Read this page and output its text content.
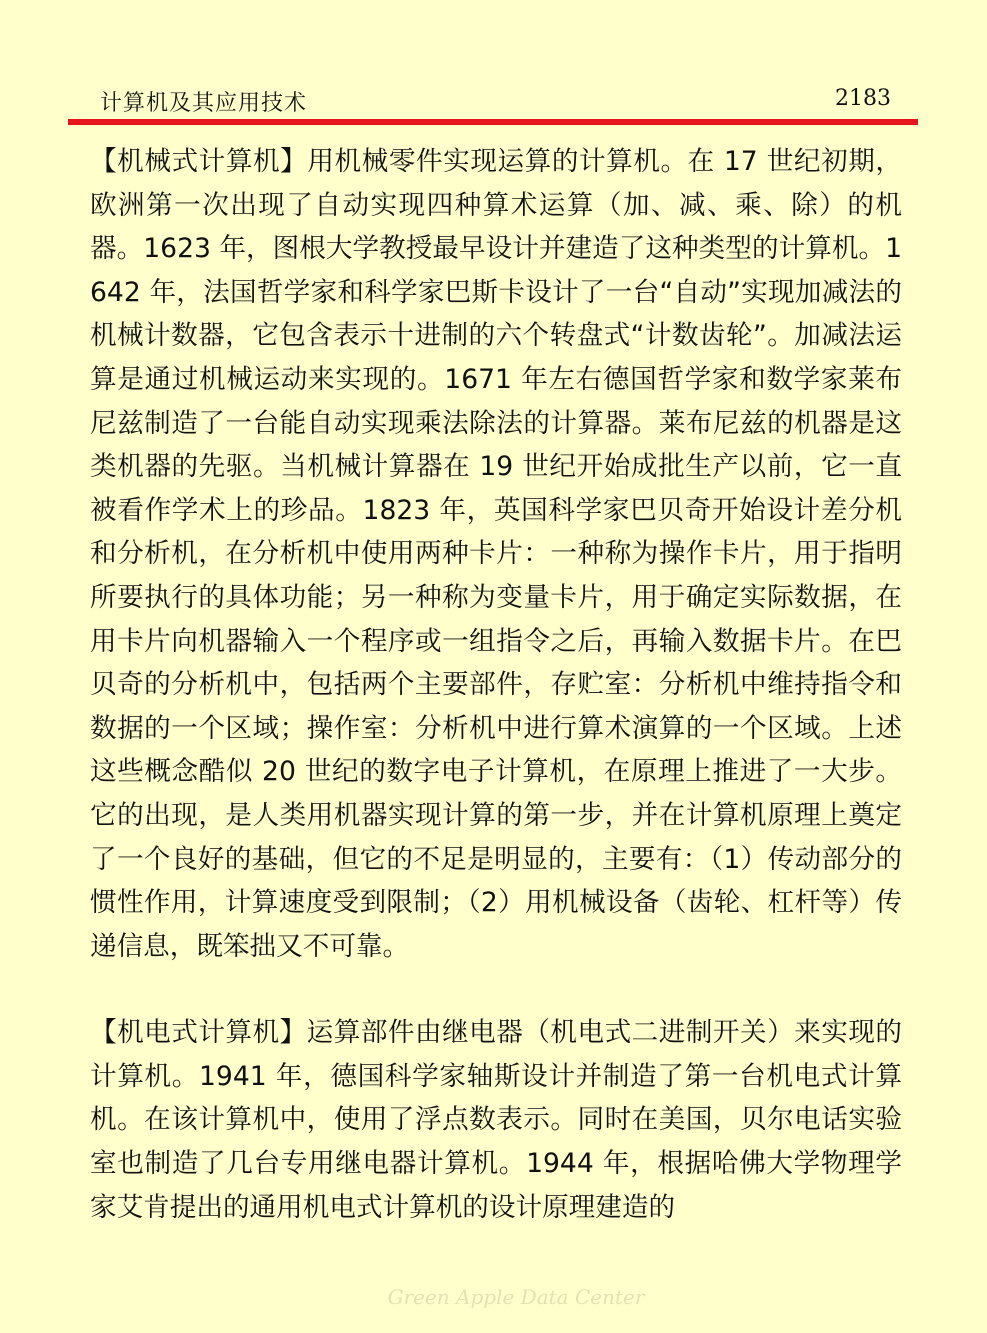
计算机及其应用技术	2183

【机械式计算机】用机械零件实现运算的计算机。在 17 世纪初期，欧洲第一次出现了自动实现四种算术运算（加、减、乘、除）的机器。1623 年，图根大学教授最早设计并建造了这种类型的计算机。1642 年，法国哲学家和科学家巴斯卡设计了一台“自动”实现加减法的机械计数器，它包含表示十进制的六个转盘式“计数齿轮”。加减法运算是通过机械运动来实现的。1671 年左右德国哲学家和数学家莱布尼兹制造了一台能自动实现乘法除法的计算器。莱布尼兹的机器是这类机器的先驱。当机械计算器在 19 世纪开始成批生产以前，它一直被看作学术上的珍品。1823 年，英国科学家巴贝奇开始设计差分机和分析机，在分析机中使用两种卡片：一种称为操作卡片，用于指明所要执行的具体功能；另一种称为变量卡片，用于确定实际数据，在用卡片向机器输入一个程序或一组指令之后，再输入数据卡片。在巴贝奇的分析机中，包括两个主要部件，存贮室：分析机中维持指令和数据的一个区域；操作室：分析机中进行算术演算的一个区域。上述这些概念酷似 20 世纪的数字电子计算机，在原理上推进了一大步。它的出现，是人类用机器实现计算的第一步，并在计算机原理上奠定了一个良好的基础，但它的不足是明显的，主要有：（1）传动部分的惯性作用，计算速度受到限制；（2）用机械设备（齿轮、杠杆等）传递信息，既笨拙又不可靠。

【机电式计算机】运算部件由继电器（机电式二进制开关）来实现的计算机。1941 年，德国科学家轴斯设计并制造了第一台机电式计算机。在该计算机中，使用了浮点数表示。同时在美国，贝尔电话实验室也制造了几台专用继电器计算机。1944 年，根据哈佛大学物理学家艾肯提出的通用机电式计算机的设计原理建造的

Green Apple Data Center
